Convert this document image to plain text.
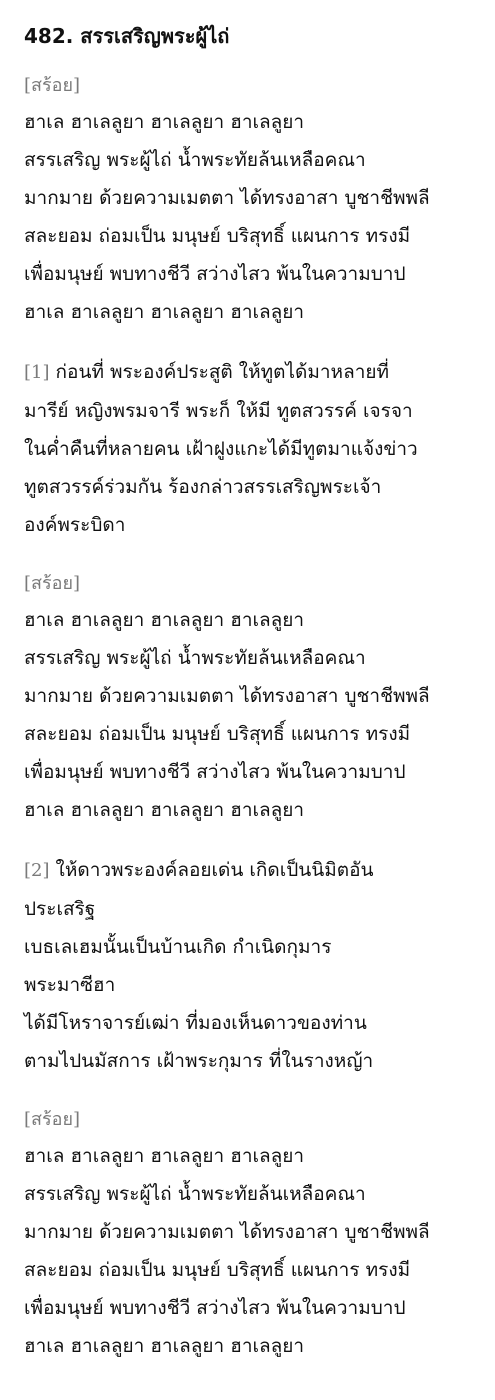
482. สรรเสริญพระผู้ไถ่
[สร้อย]
ฮาเล ฮาเลลูยา ฮาเลลูยา ฮาเลลูยา
สรรเสริญ พระผู้ไถ่ น้ำพระทัยล้นเหลือคณา
มากมาย ด้วยความเมตตา ได้ทรงอาสา บูชาชีพพลี
สละยอม ถ่อมเป็น มนุษย์ บริสุทธิ์ แผนการ ทรงมี
เพื่อมนุษย์ พบทางชีวี สว่างไสว พ้นในความบาป
ฮาเล ฮาเลลูยา ฮาเลลูยา ฮาเลลูยา
[1] ก่อนที่ พระองค์ประสูติ ให้ทูตได้มาหลายที่
มารีย์ หญิงพรมจารี พระก็ ให้มี ทูตสวรรค์ เจรจา
ในค่ำคืนที่หลายคน เฝ้าฝูงแกะได้มีทูตมาแจ้งข่าว
ทูตสวรรค์ร่วมกัน ร้องกล่าวสรรเสริญพระเจ้า
องค์พระบิดา
[สร้อย]
ฮาเล ฮาเลลูยา ฮาเลลูยา ฮาเลลูยา
สรรเสริญ พระผู้ไถ่ น้ำพระทัยล้นเหลือคณา
มากมาย ด้วยความเมตตา ได้ทรงอาสา บูชาชีพพลี
สละยอม ถ่อมเป็น มนุษย์ บริสุทธิ์ แผนการ ทรงมี
เพื่อมนุษย์ พบทางชีวี สว่างไสว พ้นในความบาป
ฮาเล ฮาเลลูยา ฮาเลลูยา ฮาเลลูยา
[2] ให้ดาวพระองค์ลอยเด่น เกิดเป็นนิมิตอัน
ประเสริฐ
เบธเลเฮมนั้นเป็นบ้านเกิด กำเนิดกุมาร
พระมาซีฮา
ได้มีโหราจารย์เฒ่า ที่มองเห็นดาวของท่าน
ตามไปนมัสการ เฝ้าพระกุมาร ที่ในรางหญ้า
[สร้อย]
ฮาเล ฮาเลลูยา ฮาเลลูยา ฮาเลลูยา
สรรเสริญ พระผู้ไถ่ น้ำพระทัยล้นเหลือคณา
มากมาย ด้วยความเมตตา ได้ทรงอาสา บูชาชีพพลี
สละยอม ถ่อมเป็น มนุษย์ บริสุทธิ์ แผนการ ทรงมี
เพื่อมนุษย์ พบทางชีวี สว่างไสว พ้นในความบาป
ฮาเล ฮาเลลูยา ฮาเลลูยา ฮาเลลูยา
